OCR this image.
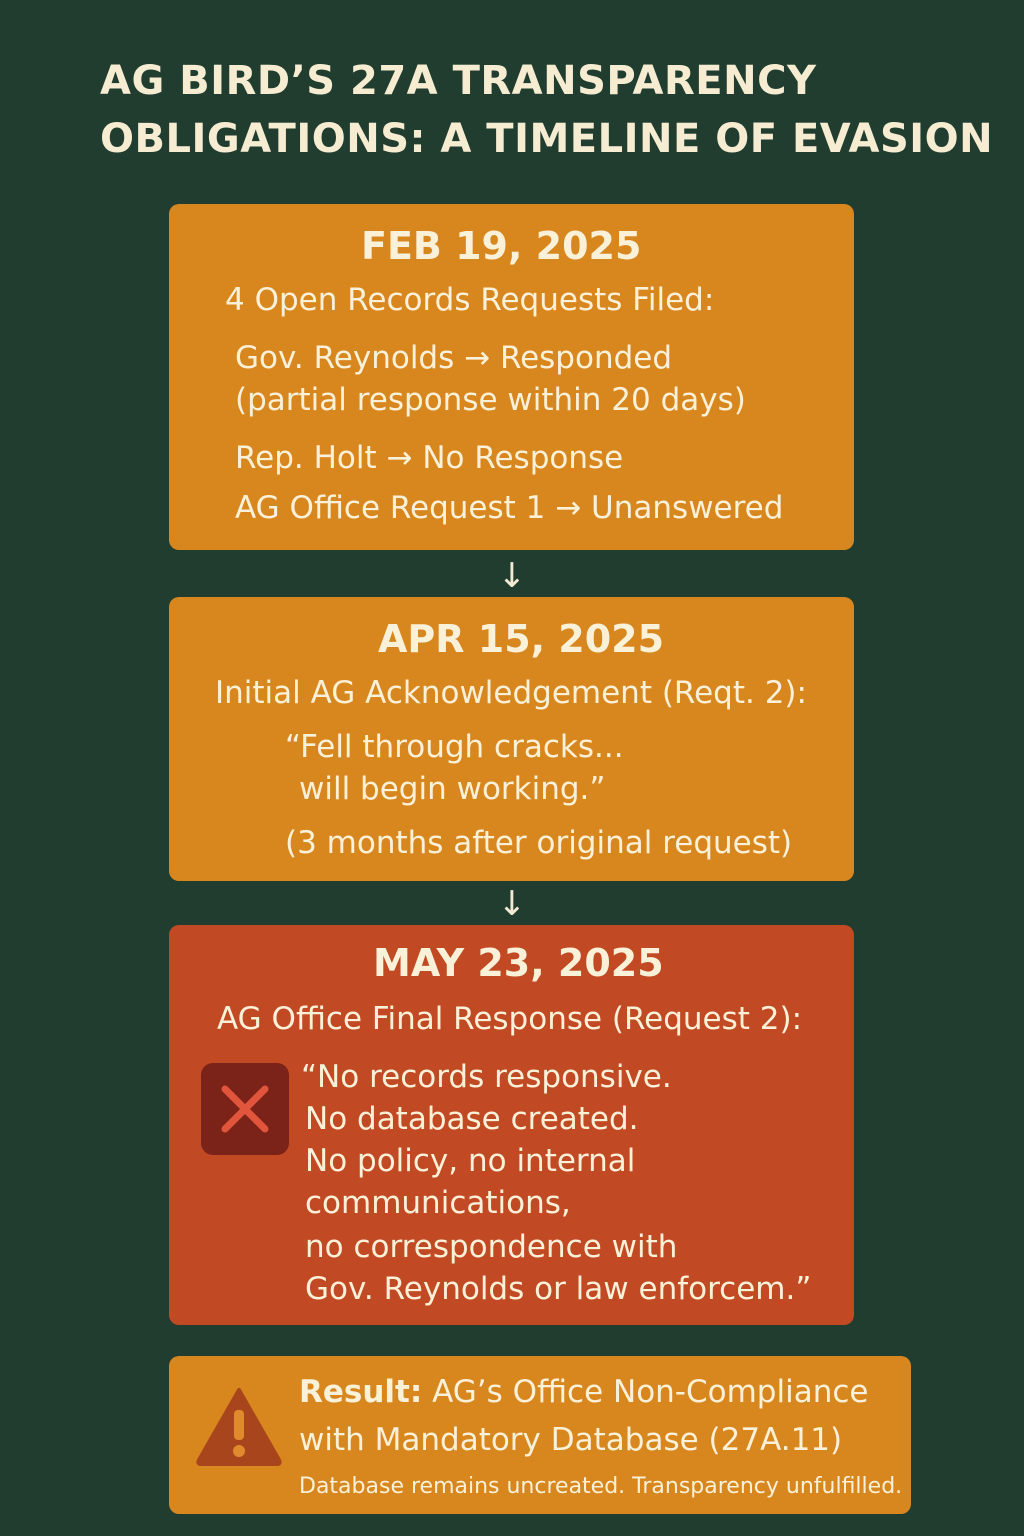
AG BIRD’S 27A TRANSPARENCY
OBLIGATIONS: A TIMELINE OF EVASION
FEB 19, 2025
4 Open Records Requests Filed:
Gov. Reynolds → Responded
(partial response within 20 days)
Rep. Holt → No Response
AG Office Request 1 → Unanswered
↓
APR 15, 2025
Initial AG Acknowledgement (Reqt. 2):
“Fell through cracks...
will begin working.”
(3 months after original request)
↓
MAY 23, 2025
AG Office Final Response (Request 2):
“No records responsive.
No database created.
No policy, no internal
communications,
no correspondence with
Gov. Reynolds or law enforcem.”
Result: AG’s Office Non-Compliance
with Mandatory Database (27A.11)
Database remains uncreated. Transparency unfulfilled.
